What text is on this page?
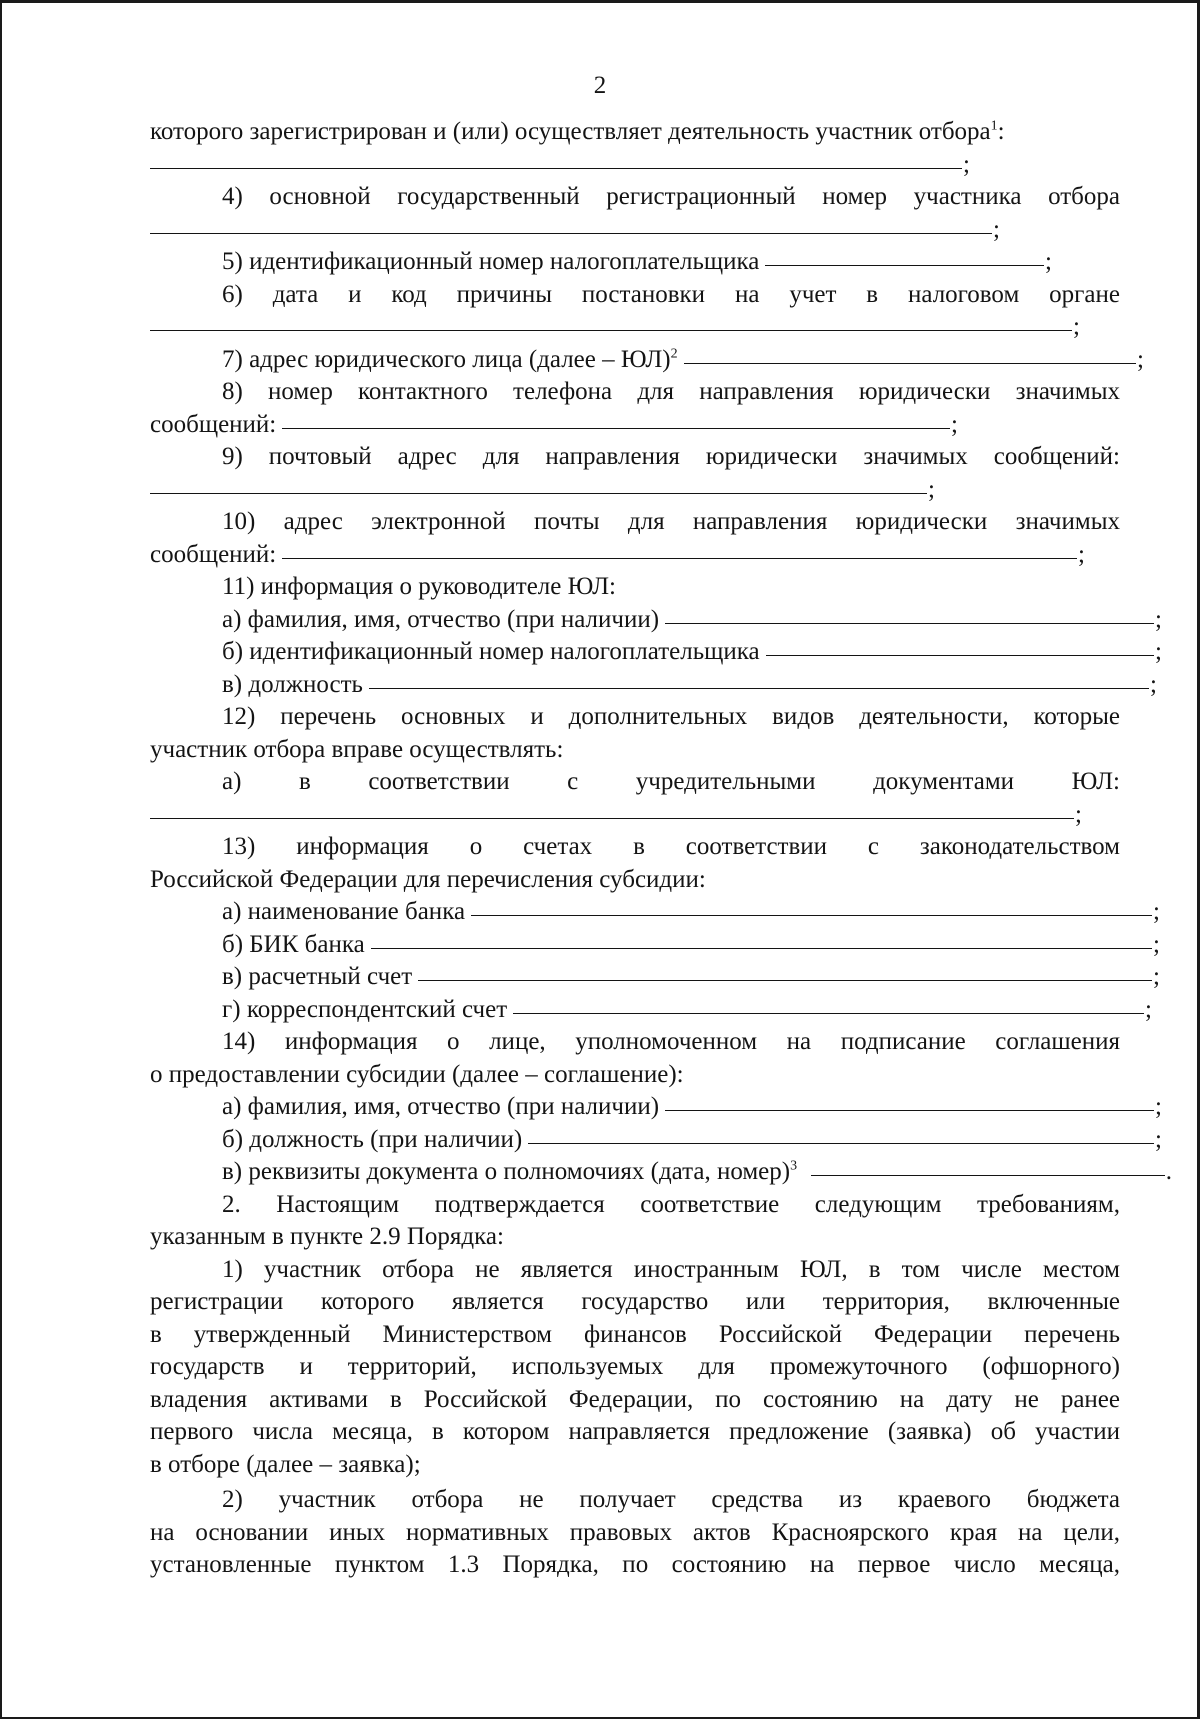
2
которого зарегистрирован и (или) осуществляет деятельность участник отбора$^1$:
;
4) основной государственный регистрационный номер участника отбора
;
5) идентификационный номер налогоплательщика	;
6) дата и код причины постановки на учет в налоговом органе
;
7) адрес юридического лица (далее – ЮЛ)$^2$	;
8) номер контактного телефона для направления юридически значимых
сообщений:	;
9) почтовый адрес для направления юридически значимых сообщений:
;
10) адрес электронной почты для направления юридически значимых
сообщений:	;
11) информация о руководителе ЮЛ:
а) фамилия, имя, отчество (при наличии)	;
б) идентификационный номер налогоплательщика	;
в) должность	;
12) перечень основных и дополнительных видов деятельности, которые
участник отбора вправе осуществлять:
а) в соответствии с учредительными документами ЮЛ:
;
13) информация о счетах в соответствии с законодательством
Российской Федерации для перечисления субсидии:
а) наименование банка	;
б) БИК банка	;
в) расчетный счет	;
г) корреспондентский счет	;
14) информация о лице, уполномоченном на подписание соглашения
о предоставлении субсидии (далее – соглашение):
а) фамилия, имя, отчество (при наличии)	;
б) должность (при наличии)	;
в) реквизиты документа о полномочиях (дата, номер)$^3$	.
2. Настоящим подтверждается соответствие следующим требованиям,
указанным в пункте 2.9 Порядка:
1) участник отбора не является иностранным ЮЛ, в том числе местом
регистрации которого является государство или территория, включенные
в утвержденный Министерством финансов Российской Федерации перечень
государств и территорий, используемых для промежуточного (офшорного)
владения активами в Российской Федерации, по состоянию на дату не ранее
первого числа месяца, в котором направляется предложение (заявка) об участии
в отборе (далее – заявка);
2) участник отбора не получает средства из краевого бюджета
на основании иных нормативных правовых актов Красноярского края на цели,
установленные пунктом 1.3 Порядка, по состоянию на первое число месяца,
